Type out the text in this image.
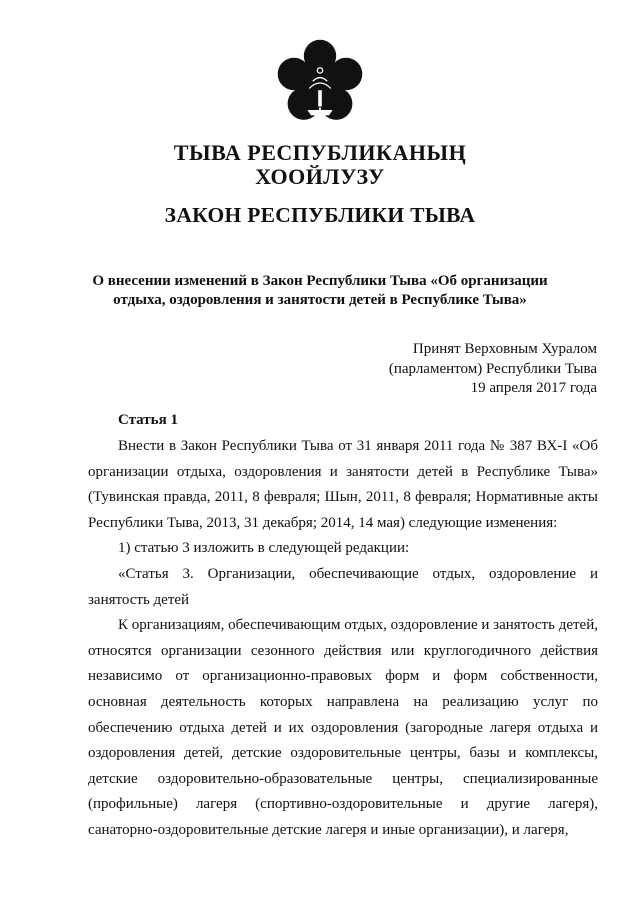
ТЫВА РЕСПУБЛИКАНЫҢ
ХООЙЛУЗУ
ЗАКОН РЕСПУБЛИКИ ТЫВА
О внесении изменений в Закон Республики Тыва «Об организации
отдыха, оздоровления и занятости детей в Республике Тыва»
Принят Верховным Хуралом
(парламентом) Республики Тыва
19 апреля 2017 года
Статья 1

Внести в Закон Республики Тыва от 31 января 2011 года № 387 ВХ-I «Об организации отдыха, оздоровления и занятости детей в Республике Тыва» (Тувинская правда, 2011, 8 февраля; Шын, 2011, 8 февраля; Нормативные акты Республики Тыва, 2013, 31 декабря; 2014, 14 мая) следующие изменения:

1) статью 3 изложить в следующей редакции:

«Статья 3. Организации, обеспечивающие отдых, оздоровление и занятость детей

К организациям, обеспечивающим отдых, оздоровление и занятость детей, относятся организации сезонного действия или круглогодичного действия независимо от организационно-правовых форм и форм собственности, основная деятельность которых направлена на реализацию услуг по обеспечению отдыха детей и их оздоровления (загородные лагеря отдыха и оздоровления детей, детские оздоровительные центры, базы и комплексы, детские оздоровительно-образовательные центры, специализированные (профильные) лагеря (спортивно-оздоровительные и другие лагеря), санаторно-оздоровительные детские лагеря и иные организации), и лагеря,
